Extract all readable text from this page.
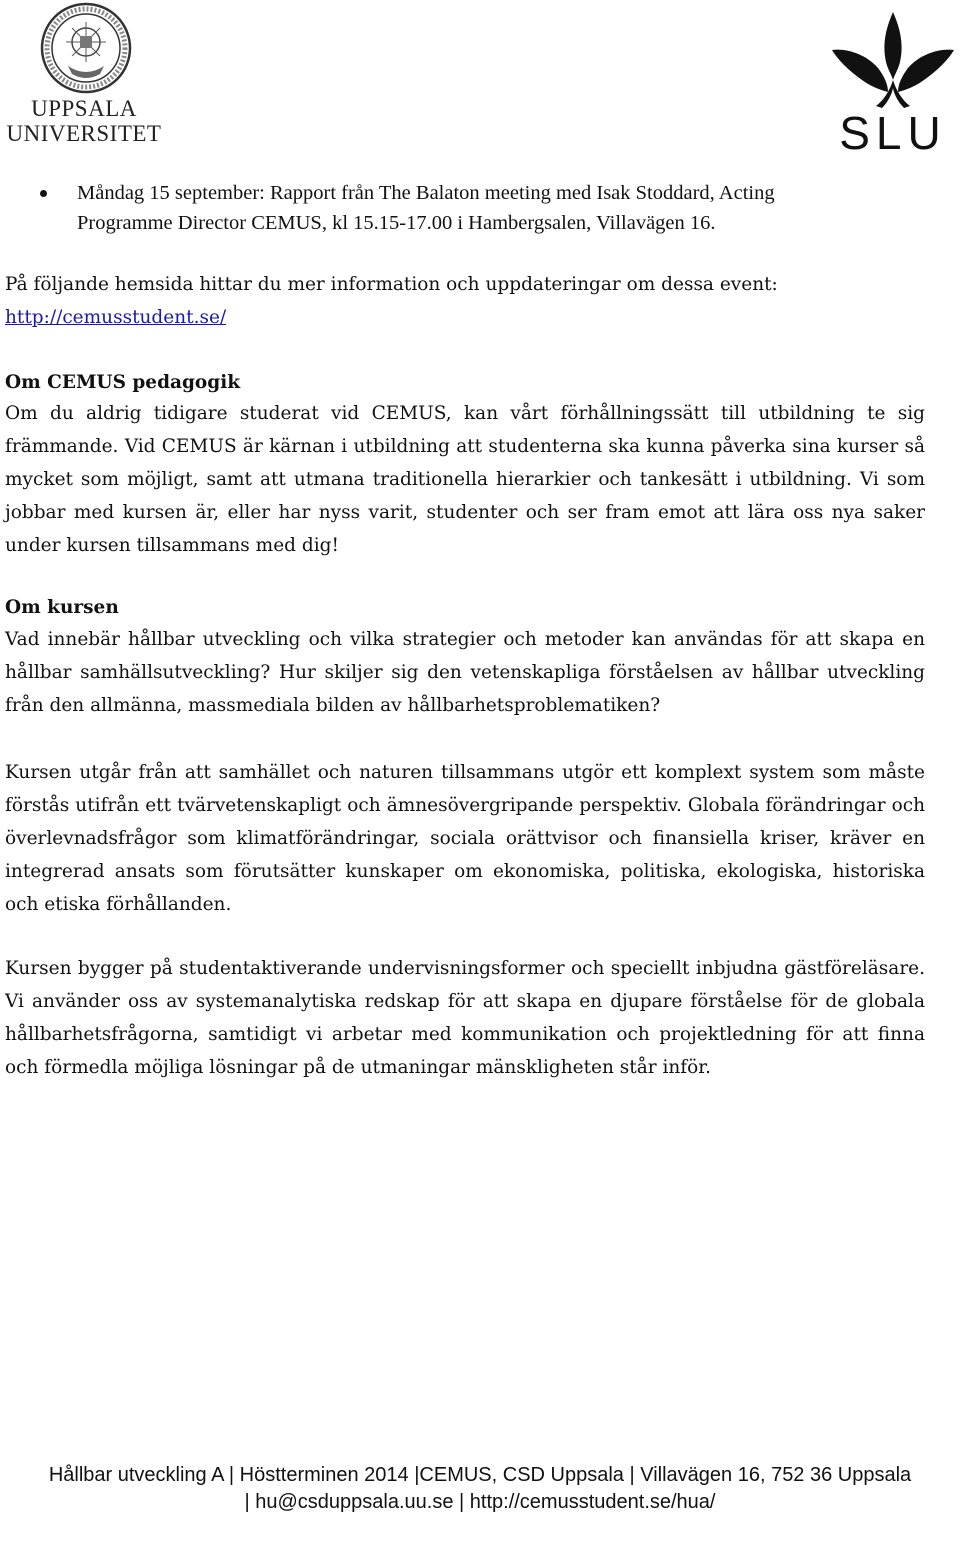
UPPSALA
UNIVERSITET	SLU
Måndag 15 september: Rapport från The Balaton meeting med Isak Stoddard, Acting
Programme Director CEMUS, kl 15.15-17.00 i Hambergsalen, Villavägen 16.
På följande hemsida hittar du mer information och uppdateringar om dessa event:
http://cemusstudent.se/
Om CEMUS pedagogik
Om du aldrig tidigare studerat vid CEMUS, kan vårt förhållningssätt till utbildning te sig främmande. Vid CEMUS är kärnan i utbildning att studenterna ska kunna påverka sina kurser så mycket som möjligt, samt att utmana traditionella hierarkier och tankesätt i utbildning. Vi som jobbar med kursen är, eller har nyss varit, studenter och ser fram emot att lära oss nya saker under kursen tillsammans med dig!
Om kursen
Vad innebär hållbar utveckling och vilka strategier och metoder kan användas för att skapa en hållbar samhällsutveckling? Hur skiljer sig den vetenskapliga förståelsen av hållbar utveckling från den allmänna, massmediala bilden av hållbarhetsproblematiken?
Kursen utgår från att samhället och naturen tillsammans utgör ett komplext system som måste förstås utifrån ett tvärvetenskapligt och ämnesövergripande perspektiv. Globala förändringar och överlevnadsfrågor som klimatförändringar, sociala orättvisor och finansiella kriser, kräver en integrerad ansats som förutsätter kunskaper om ekonomiska, politiska, ekologiska, historiska och etiska förhållanden.
Kursen bygger på studentaktiverande undervisningsformer och speciellt inbjudna gästföreläsare. Vi använder oss av systemanalytiska redskap för att skapa en djupare förståelse för de globala hållbarhetsfrågorna, samtidigt vi arbetar med kommunikation och projektledning för att finna och förmedla möjliga lösningar på de utmaningar mänskligheten står inför.
Hållbar utveckling A | Höstterminen 2014 |CEMUS, CSD Uppsala | Villavägen 16, 752 36 Uppsala
| hu@csduppsala.uu.se | http://cemusstudent.se/hua/
